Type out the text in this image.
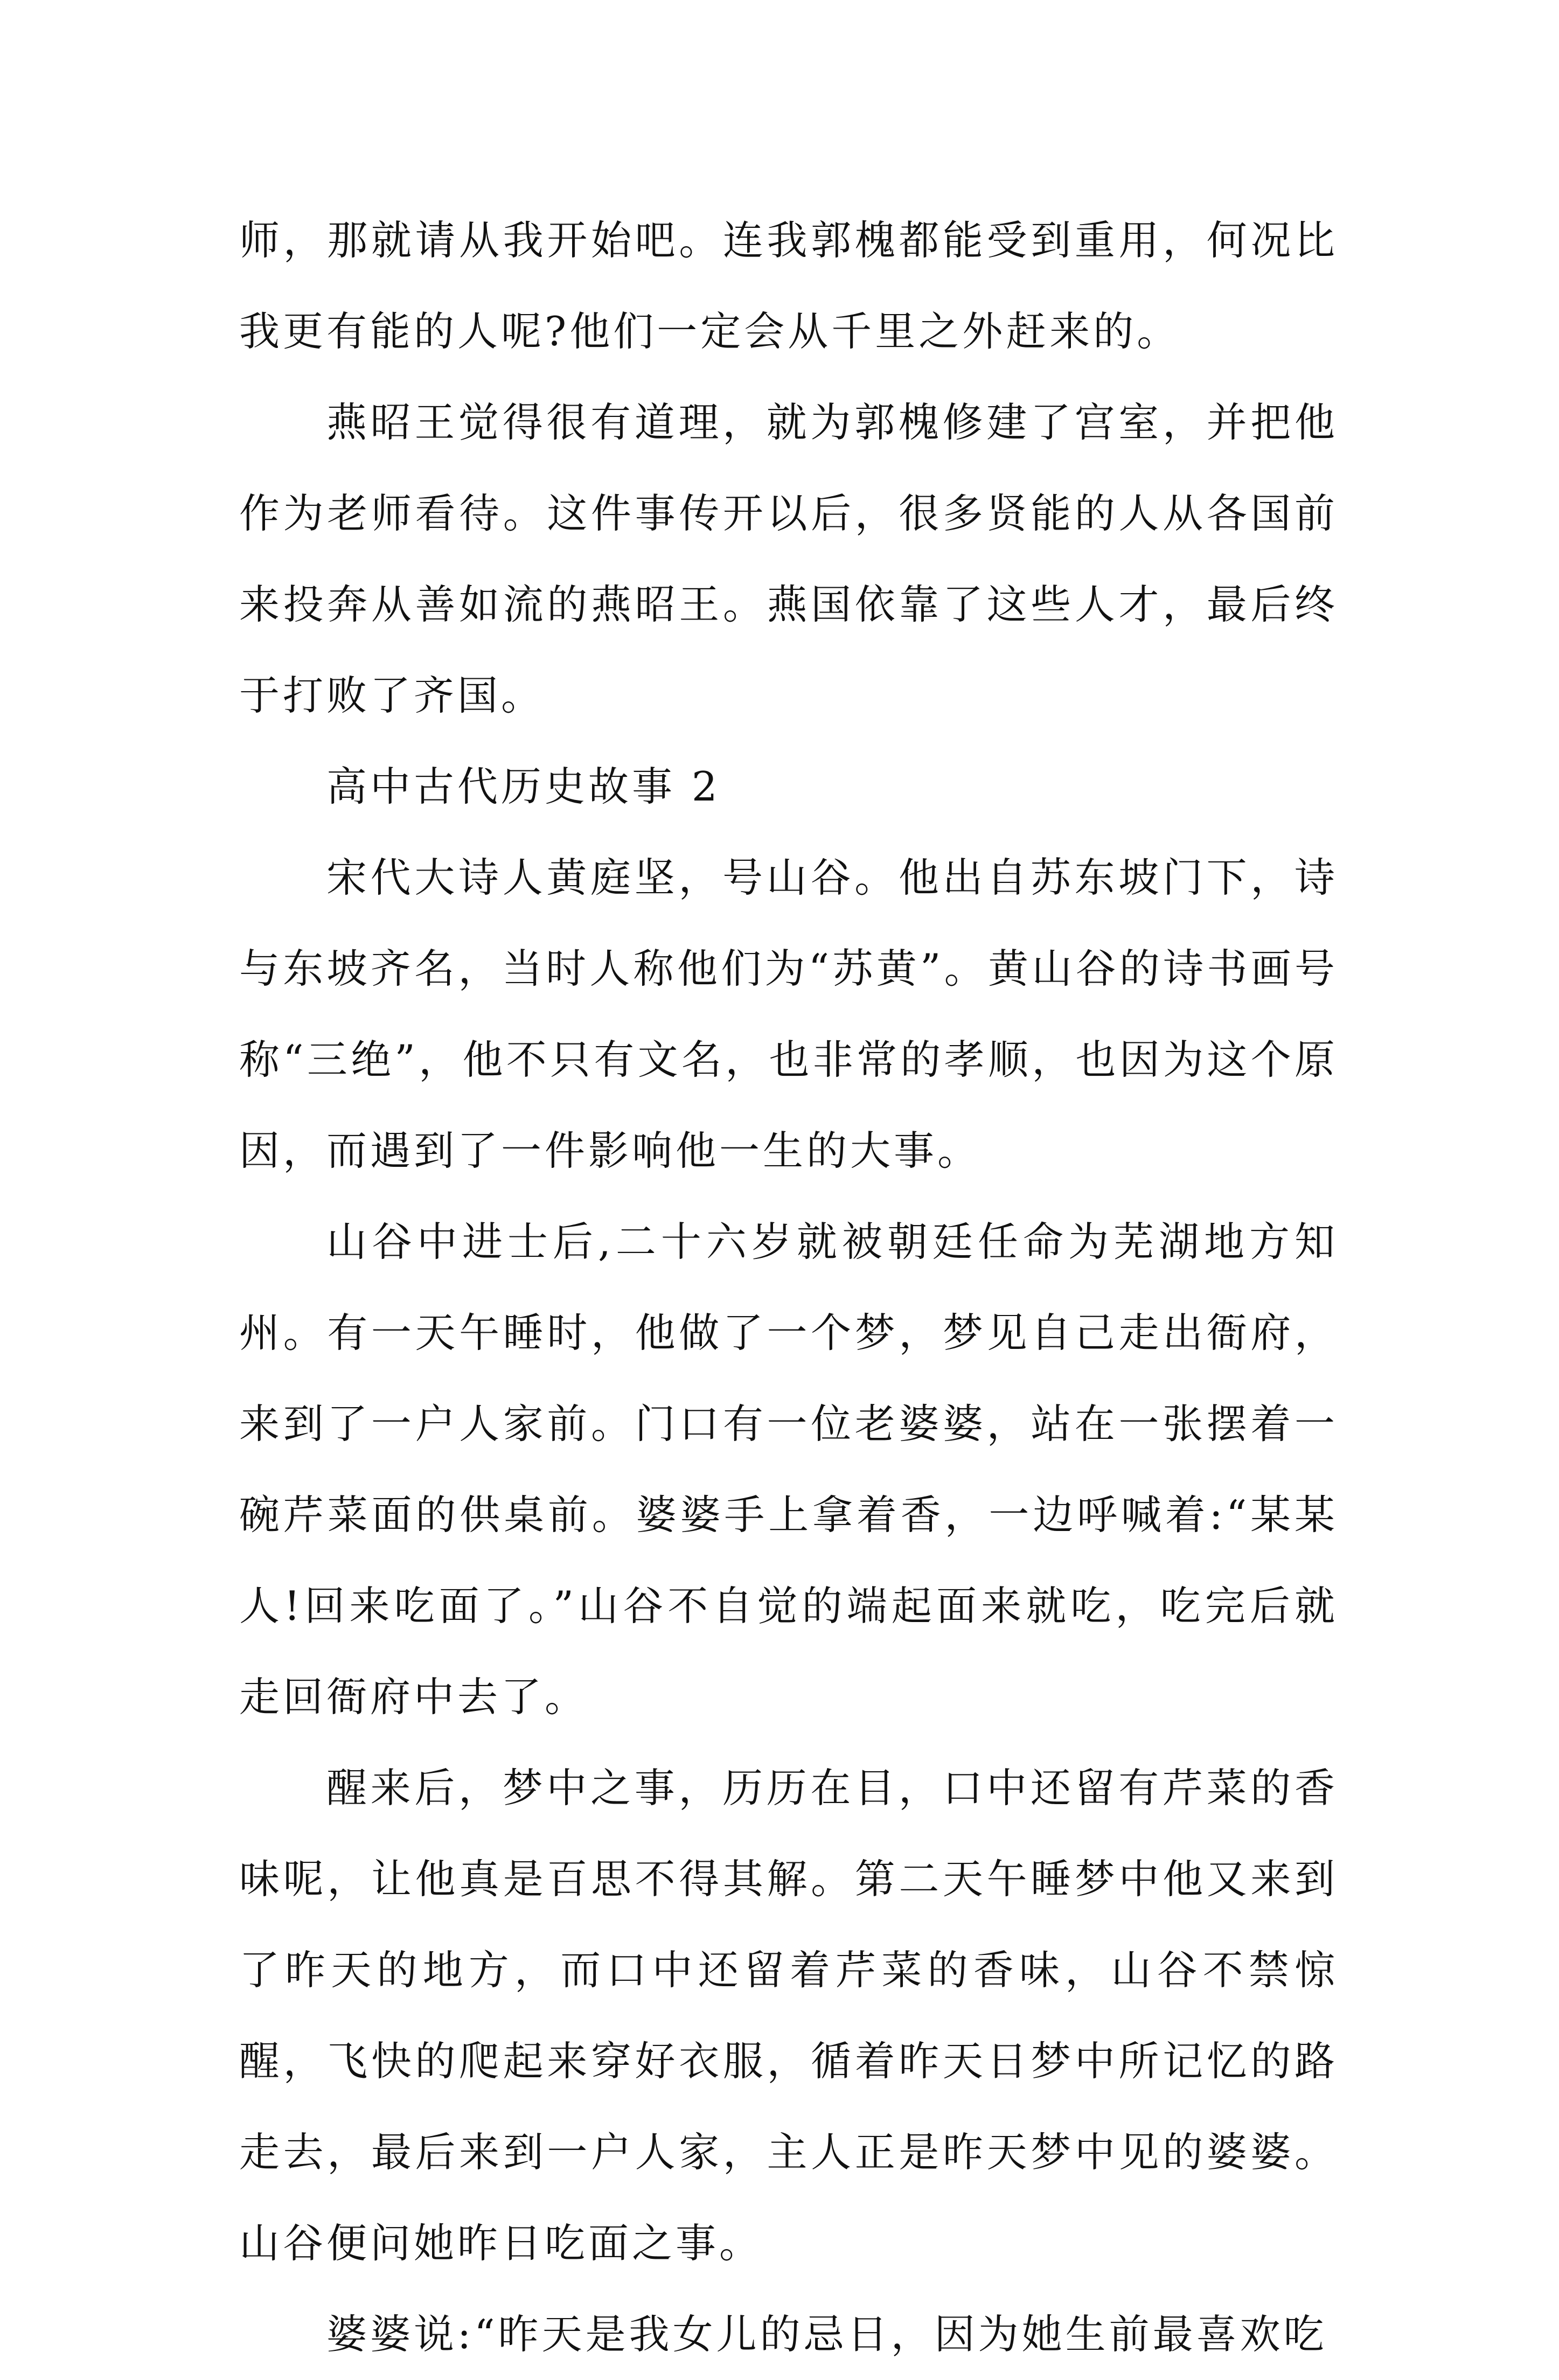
师，那就请从我开始吧。连我郭槐都能受到重用，何况比我更有能的人呢?他们一定会从千里之外赶来的。

燕昭王觉得很有道理，就为郭槐修建了宫室，并把他作为老师看待。这件事传开以后，很多贤能的人从各国前来投奔从善如流的燕昭王。燕国依靠了这些人才，最后终于打败了齐国。

高中古代历史故事 2

宋代大诗人黄庭坚，号山谷。他出自苏东坡门下，诗与东坡齐名，当时人称他们为“苏黄”。黄山谷的诗书画号称“三绝”，他不只有文名，也非常的孝顺，也因为这个原因，而遇到了一件影响他一生的大事。

山谷中进士后,二十六岁就被朝廷任命为芜湖地方知州。有一天午睡时，他做了一个梦，梦见自己走出衙府，来到了一户人家前。门口有一位老婆婆，站在一张摆着一碗芹菜面的供桌前。婆婆手上拿着香，一边呼喊着:“某某人!回来吃面了。”山谷不自觉的端起面来就吃，吃完后就走回衙府中去了。

醒来后，梦中之事，历历在目，口中还留有芹菜的香味呢，让他真是百思不得其解。第二天午睡梦中他又来到了昨天的地方，而口中还留着芹菜的香味，山谷不禁惊醒，飞快的爬起来穿好衣服，循着昨天日梦中所记忆的路走去，最后来到一户人家，主人正是昨天梦中见的婆婆。山谷便问她昨日吃面之事。

婆婆说:“昨天是我女儿的忌日，因为她生前最喜欢吃
